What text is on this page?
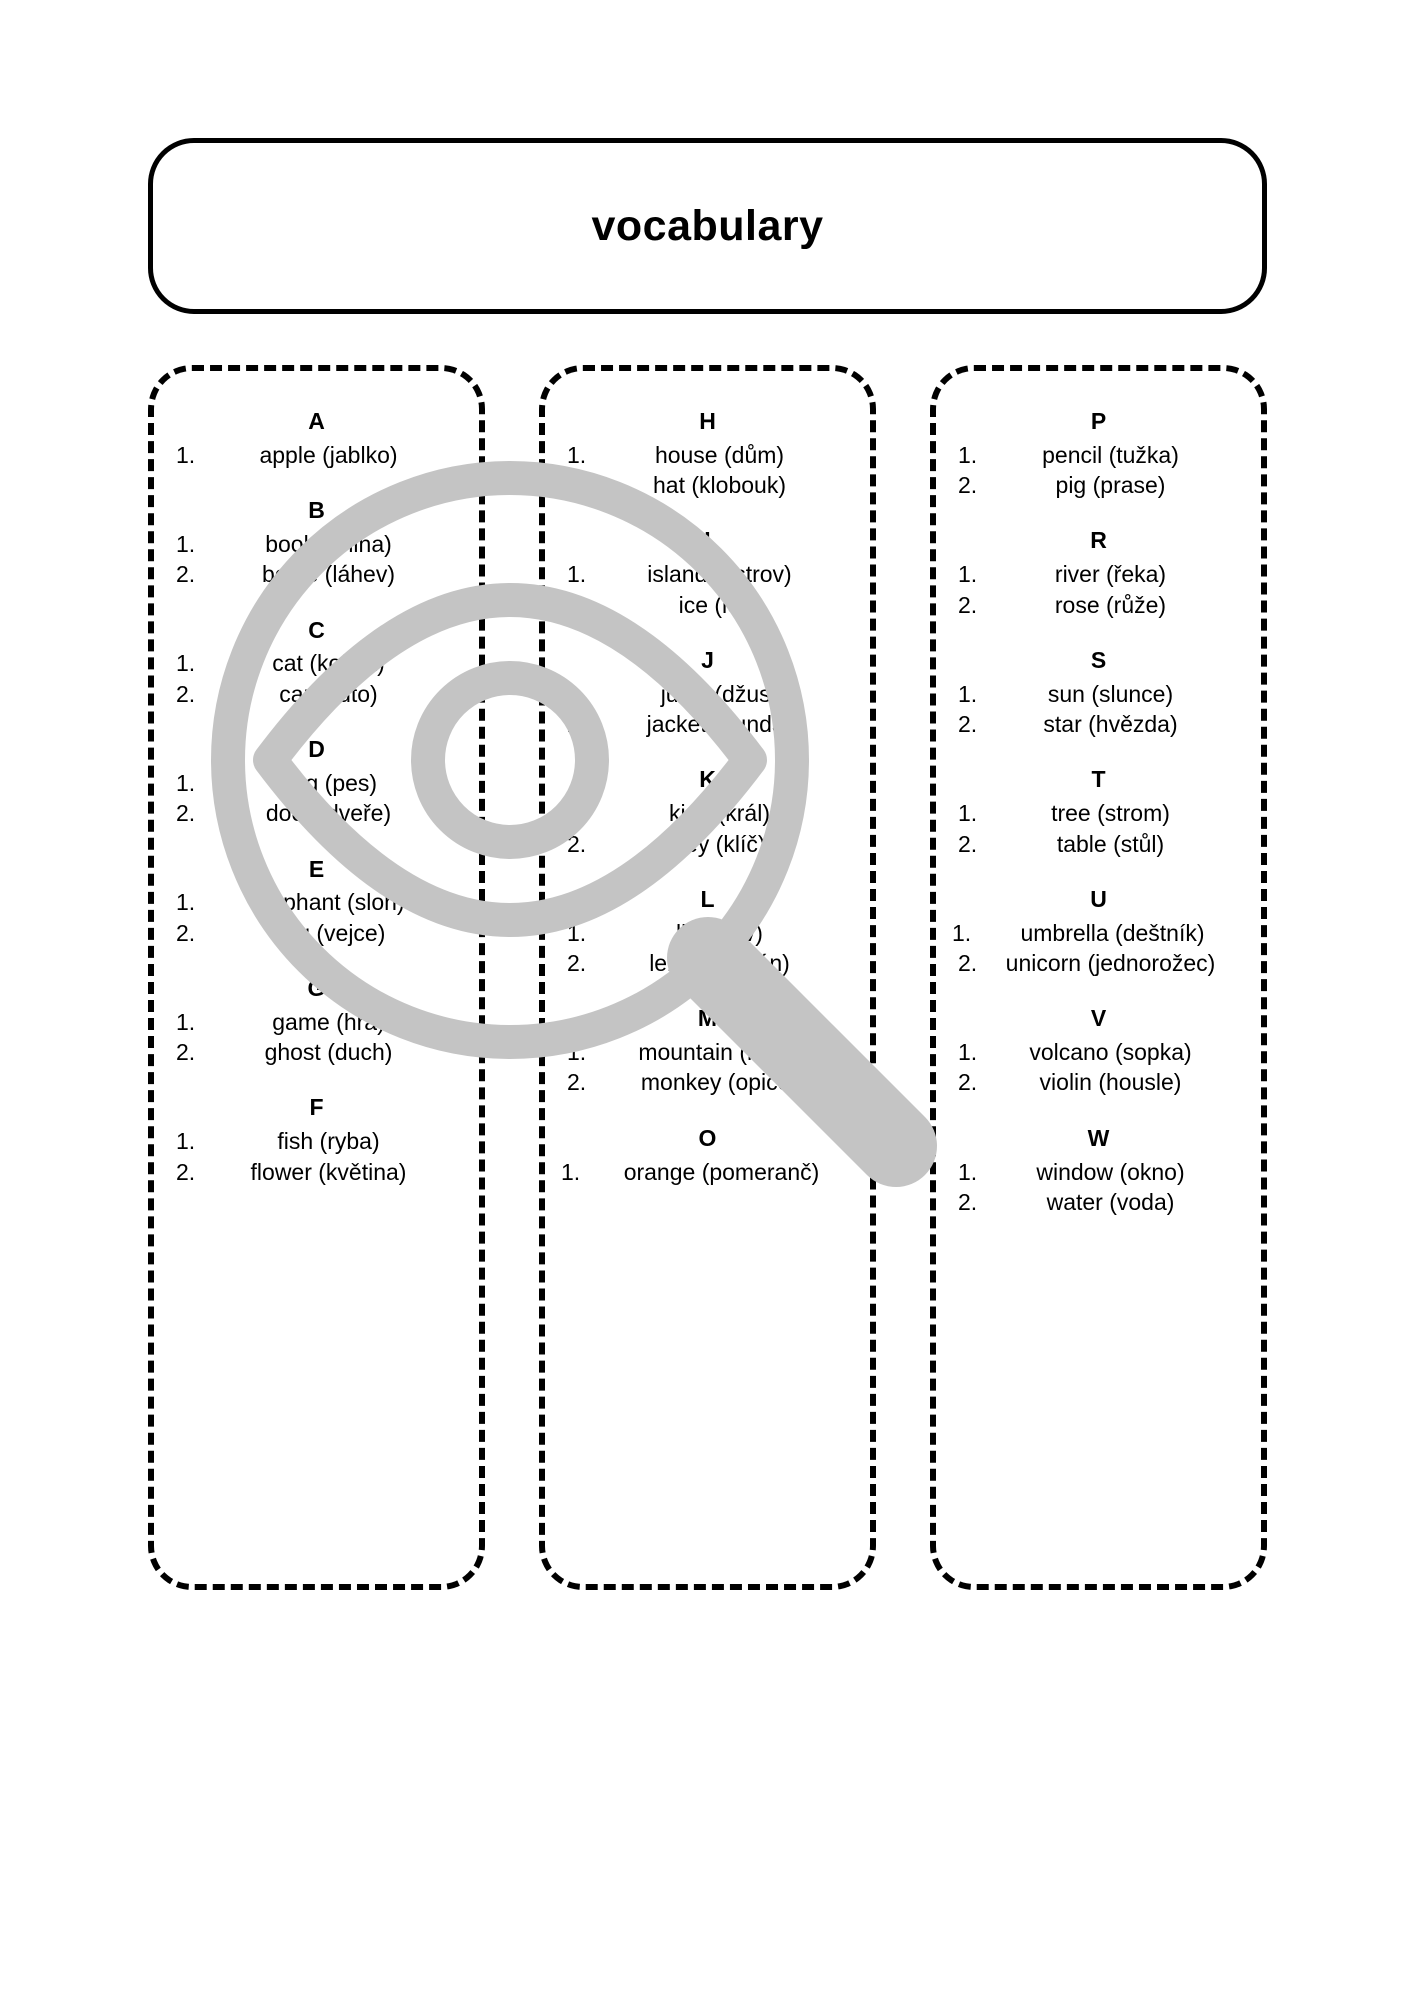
vocabulary
A
1.	apple (jablko)
B
1.	book (kniha)
2.	bottle (láhev)
C
1.	cat (kočka)
2.	car (auto)
D
1.	dog (pes)
2.	door (dveře)
E
1.	elephant (slon)
2.	egg (vejce)
G
1.	game (hra)
2.	ghost (duch)
F
1.	fish (ryba)
2.	flower (květina)
H
1.	house (dům)
2.	hat (klobouk)
I
1.	island (ostrov)
2.	ice (led)
J
1.	juice (džus)
2.	jacket (bunda)
K
1.	king (král)
2.	key (klíč)
L
1.	lion (lev)
2.	lemon (citrón)
M
1.	mountain (hora)
2.	monkey (opice)
O
1.	orange (pomeranč)
P
1.	pencil (tužka)
2.	pig (prase)
R
1.	river (řeka)
2.	rose (růže)
S
1.	sun (slunce)
2.	star (hvězda)
T
1.	tree (strom)
2.	table (stůl)
U
1.	umbrella (deštník)
2.	unicorn (jednorožec)
V
1.	volcano (sopka)
2.	violin (housle)
W
1.	window (okno)
2.	water (voda)
